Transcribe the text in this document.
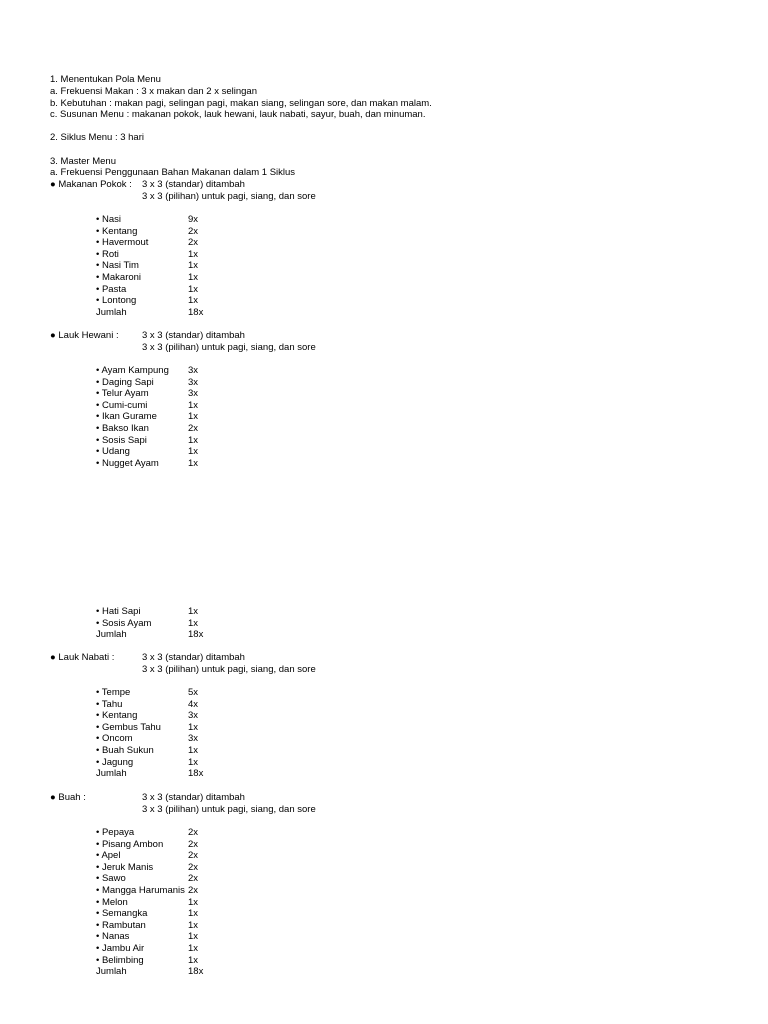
1. Menentukan Pola Menu
a. Frekuensi Makan : 3 x makan dan 2 x selingan
b. Kebutuhan : makan pagi, selingan pagi, makan siang, selingan sore, dan makan malam.
c. Susunan Menu : makanan pokok, lauk hewani, lauk nabati, sayur, buah, dan minuman.
2. Siklus Menu : 3 hari
3. Master Menu
a. Frekuensi Penggunaan Bahan Makanan dalam 1 Siklus
● Makanan Pokok : 3 x 3 (standar) ditambah
3 x 3 (pilihan) untuk pagi, siang, dan sore
● Lauk Hewani : 3 x 3 (standar) ditambah
3 x 3 (pilihan) untuk pagi, siang, dan sore
● Lauk Nabati :	3 x 3 (standar) ditambah
3 x 3 (pilihan) untuk pagi, siang, dan sore
● Buah :	3 x 3 (standar) ditambah
3 x 3 (pilihan) untuk pagi, siang, dan sore
• Nasi	9x
• Kentang	2x
• Havermout	2x
• Roti	1x
• Nasi Tim	1x
• Makaroni	1x
• Pasta	1x
• Lontong	1x
Jumlah	18x
• Ayam Kampung 3x
• Daging Sapi	3x
• Telur Ayam	3x
• Cumi-cumi	1x
• Ikan Gurame	1x
• Bakso Ikan	2x
• Sosis Sapi	1x
• Udang	1x
• Nugget Ayam	1x
• Hati Sapi	1x
• Sosis Ayam	1x
Jumlah	18x
• Tempe	5x
• Tahu	4x
• Kentang	3x
• Gembus Tahu	1x
• Oncom	3x
• Buah Sukun	1x
• Jagung	1x
Jumlah	18x
• Pepaya	2x
• Pisang Ambon	2x
• Apel	2x
• Jeruk Manis	2x
• Sawo	2x
• Mangga Harumanis 2x
• Melon	1x
• Semangka	1x
• Rambutan	1x
• Nanas	1x
• Jambu Air	1x
• Belimbing	1x
Jumlah	18x
